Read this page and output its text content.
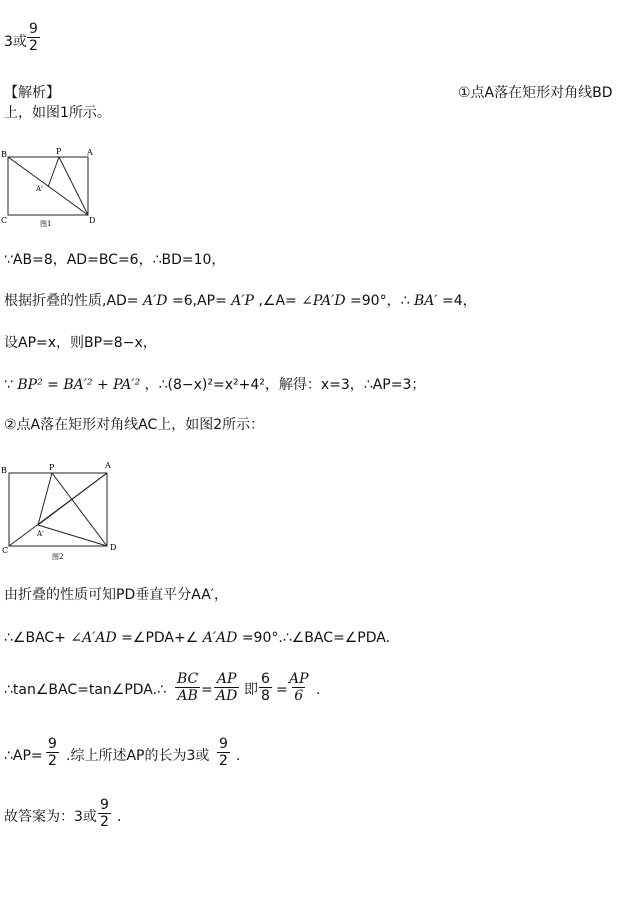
3或 $\frac{9}{2}$
【解析】	①点A落在矩形对角线BD
上，如图1所示。
B	P	A
A'
C	D
图1
∵AB=8，AD=BC=6，∴BD=10，
根据折叠的性质,AD= A′D =6,AP= A′P ,∠A= ∠PA′D =90°，∴ BA′ =4，
设AP=x，则BP=8−x，
∵ BP² = BA′² + PA′² ，∴(8−x)²=x²+4²，解得：x=3，∴AP=3；
②点A落在矩形对角线AC上，如图2所示：
B	P	A
A'
C	D
图2
由折叠的性质可知PD垂直平分AA′，
∴∠BAC+ ∠A′AD =∠PDA+∠ A′AD =90°.∴∠BAC=∠PDA.
∴tan∠BAC=tan∠PDA.∴ $\frac{BC}{AB} = \frac{AP}{AD}$ 即 $\frac{6}{8} = \frac{AP}{6}$ .
∴AP= $\frac{9}{2}$ .综上所述AP的长为3或 $\frac{9}{2}$ .
故答案为：3或 $\frac{9}{2}$ .
